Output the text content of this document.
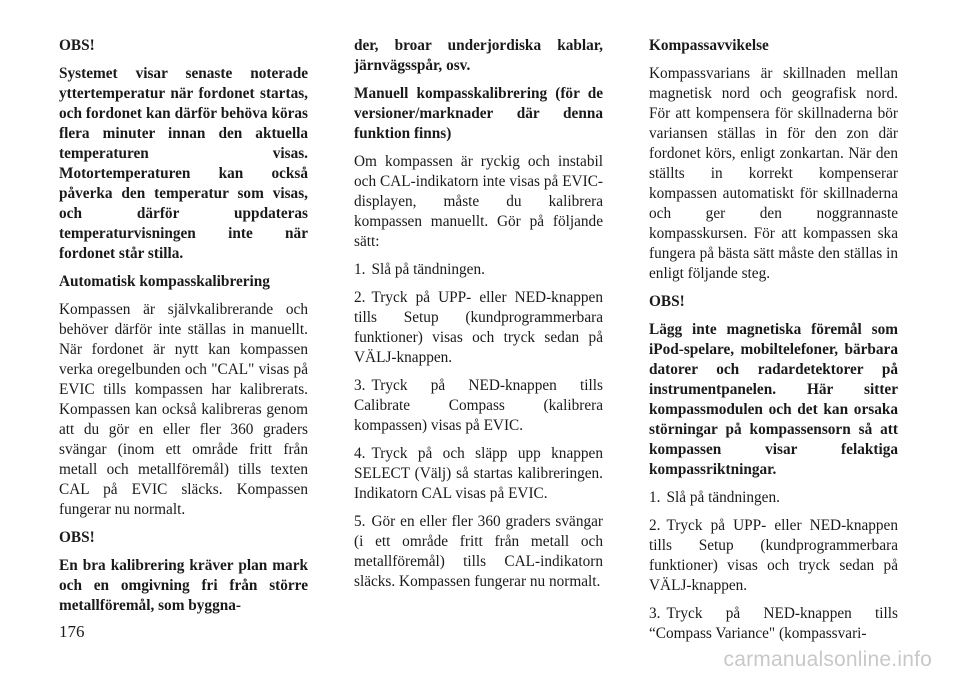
OBS!

Systemet visar senaste noterade yttertemperatur när fordonet startas, och fordonet kan därför behöva köras flera minuter innan den aktuella temperaturen visas. Motortemperaturen kan också påverka den temperatur som visas, och därför uppdateras temperaturvisningen inte när fordonet står stilla.

Automatisk kompasskalibrering

Kompassen är självkalibrerande och behöver därför inte ställas in manuellt. När fordonet är nytt kan kompassen verka oregelbunden och "CAL" visas på EVIC tills kompassen har kalibrerats. Kompassen kan också kalibreras genom att du gör en eller fler 360 graders svängar (inom ett område fritt från metall och metallföremål) tills texten CAL på EVIC släcks. Kompassen fungerar nu normalt.

OBS!

En bra kalibrering kräver plan mark och en omgivning fri från större metallföremål, som byggna-

der, broar underjordiska kablar, järnvägsspår, osv.

Manuell kompasskalibrering (för de versioner/marknader där denna funktion finns)

Om kompassen är ryckig och instabil och CAL-indikatorn inte visas på EVIC-displayen, måste du kalibrera kompassen manuellt. Gör på följande sätt:

1. Slå på tändningen.

2. Tryck på UPP- eller NED-knappen tills Setup (kundprogrammerbara funktioner) visas och tryck sedan på VÄLJ-knappen.

3. Tryck på NED-knappen tills Calibrate Compass (kalibrera kompassen) visas på EVIC.

4. Tryck på och släpp upp knappen SELECT (Välj) så startas kalibreringen. Indikatorn CAL visas på EVIC.

5. Gör en eller fler 360 graders svängar (i ett område fritt från metall och metallföremål) tills CAL-indikatorn släcks. Kompassen fungerar nu normalt.

Kompassavvikelse

Kompassvarians är skillnaden mellan magnetisk nord och geografisk nord. För att kompensera för skillnaderna bör variansen ställas in för den zon där fordonet körs, enligt zonkartan. När den ställts in korrekt kompenserar kompassen automatiskt för skillnaderna och ger den noggrannaste kompasskursen. För att kompassen ska fungera på bästa sätt måste den ställas in enligt följande steg.

OBS!

Lägg inte magnetiska föremål som iPod-spelare, mobiltelefoner, bärbara datorer och radardetektorer på instrumentpanelen. Här sitter kompassmodulen och det kan orsaka störningar på kompassensorn så att kompassen visar felaktiga kompassriktningar.

1. Slå på tändningen.

2. Tryck på UPP- eller NED-knappen tills Setup (kundprogrammerbara funktioner) visas och tryck sedan på VÄLJ-knappen.

3. Tryck på NED-knappen tills “Compass Variance" (kompassvari-

176
carmanualsonline.info
